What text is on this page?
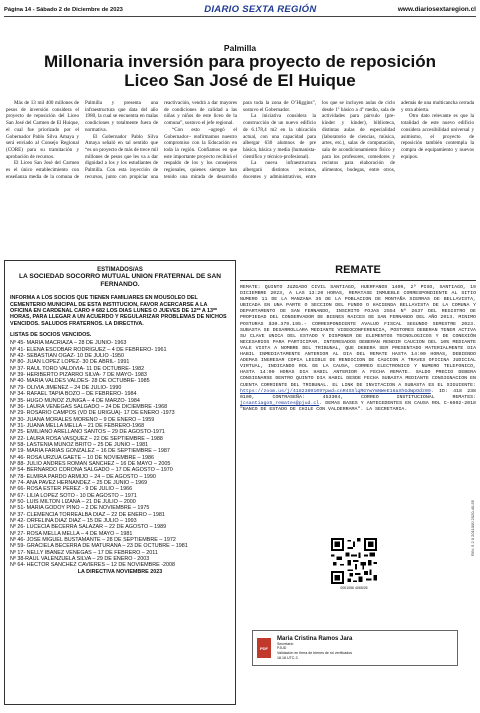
Página 14 - Sábado 2 de Diciembre de 2023	DIARIO SEXTA REGIÓN	www.diariosextaregion.cl
Palmilla
Millonaria inversión para proyecto de reposición
Liceo San José de El Huique

Más de 13 mil 400 millones de pesos de inversión considera el proyecto de reposición del Liceo San José del Carmen de El Huique, el cual fue priorizado por el Gobernador Pablo Silva Amaya y será enviado al Consejo Regional (CORE) para su tramitación y aprobación de recursos.

El Liceo San José del Carmen es el único establecimiento con enseñanza media de la comuna de Palmilla y presenta una infraestructura que data del año 1980, la cual se encuentra en malas condiciones y totalmente fuera de normativa.

El Gobernador Pablo Silva Amaya señaló en tal sentido que “es un proyecto de más de trece mil millones de pesos que les va a dar dignidad a los y los estudiantes de Palmilla. Con esta inyección de recursos, junto con propiciar una reactivación, vendrá a dar mayores de condiciones de calidad a las niñas y niños de este liceo de la comuna”, sostuvo el jefe regional.

“Con esto –agregó el Gobernador– reafirmamos nuestro compromiso con la Educación en toda la región. Confiamos en que este importante proyecto recibirá el respaldo de los y los consejeros regionales, quienes siempre han tenido una mirada de desarrollo para toda la zona de O’Higgins”, sostuvo el Gobernador.

La iniciativa considera la construcción de un nuevo edificio de 6.178,4 m2 en la ubicación actual, con una capacidad para albergar 630 alumnos de pre básica, básica y media (humanista-científico y técnico-profesional).

La nueva infraestructura albergará distintos recintos, docentes y administrativos, entre los que se incluyen aulas de ciclo desde 1º básico a 4º medio, sala de actividades para párvulo (pre-kínder y kínder), biblioteca, distintas aulas de especialidad (laboratorio de ciencias, música, artes, etc.), salas de computación, sala de acondicionamiento físico y para los profesores, comedores y recintos para elaboración de alimentos, bodegas, entre otros, además de una multicancha cerrada y otra abierta.

Otro dato relevante es que la totalidad de este nuevo edificio considera accesibilidad universal y asimismo, el proyecto de reposición también contempla la compra de equipamiento y nuevos equipos.

ESTIMADOS/AS
LA SOCIEDAD SOCORRO MUTUAL UNION FRATERNAL DE SAN FERNANDO.
INFORMA A LOS SOCIOS QUE TIENEN FAMILIARES EN MOUSOLEO DEL CEMENTERIO MUNICIPAL DE ESTA INSTITUCION, FAVOR ACERCARSE A LA OFICINA EN CARDENAL CARO # 682 LOS DIAS LUNES O JUEVES DE 12ºº A 13ºº HORAS, PARA LLEGAR A UN ACUERDO Y REGULARIZAR PROBLEMAS DE NICHOS VENCIDOS. SALUDOS FRATERNOS. LA DIRECTIVA.
LISTAS DE SOCIOS VENCIDOS.
Nº 45- MARIA MACRIAZA – 28 DE JUNIO- 1963
Nº 41- ELENA ESCOBAR RODRIGUEZ – 4 DE FEBRERO- 1961
Nº 42- SEBASTIAN OGAZ- 10 DE JULIO -1950
Nº 80- JUAN LOPEZ LOPEZ- 30 DE ABRIL- 1991
Nº 37- RAUL TORO VALDIVIA- 11 DE OCTUBRE- 1982
Nº 39- HERIBERTO PIZARRO SILVA- 7 DE MAYO- 1983
Nº 40- MARIA VALDES VALDES- 28 DE OCTUBRE- 1985
Nº 79- OLIVIA JIMENEZ – 24 DE JULIO- 1990
Nº 34- RAFAEL TAPIA BOZO – DE FEBRERO- 1984
Nº 35- HUGO MUÑOZ ZUÑIGA – 4 DE MARZO- 1984
Nº 36- LAURA VENEGAS SALGADO – 24 DE DICIEMBRE -1968
Nº 29- ROSARIO CAMPOS (VD DE URIGUA)- 17 DE ENERO -1973
Nº 30- JUANA MORALES MORENO – 9 DE ENERO – 1959
Nº 31- JUANA MELLA MELLA – 21 DE FEBRERO-1968
Nº 25- EMILIANO ARELLANO SANTOS – 29 DE AGOSTO-1971
Nº 22- LAURA ROSA VASQUEZ – 22 DE SEPTIEMBRE – 1988
Nº 58- LASTENIA MUÑOZ BRITO – 25 DE JUNIO – 1981
Nº 19- MARIA FARIAS GONZALEZ – 16 DE SEPTIEMBRE – 1987
Nº 46- ROSA URZUA GAETE – 10 DE NOVIEMBRE – 1986
Nº 88- JULIO ANDRES ROMAN SANCHEZ – 16 DE MAYO – 2005
Nº 54- BERNARDO CORONA SALGADO – 17 DE AGOSTO – 1970
Nº 78- ELMIRA PARDO ARMIJO – 24 – DE AGOSTO – 1990
Nº 74- ANA PAVEZ HERNANDEZ – 25 DE JUNIO – 1969
Nº 66- ROSA ESTER PEREZ - 9 DE JULIO – 1966
Nº 67- LILIA LOPEZ SOTO - 10 DE AGOSTO – 1971
Nº 50- LUIS MILTON LIZANA – 21 DE JULIO – 2000
Nº 51- MARIA GODOY PINO – 2 DE NOVIEMBRE – 1975
Nº 37- CLEMENCIA TORREALBA DIAZ – 22 DE ENERO – 1981
Nº 42- ORFELINA DIAZ DIAZ – 15 DE JULIO – 1993
Nº 26- LUCECIA BECERRA SALAZAR – 22 DE AGOSTO – 1989
Nº 27- ROSA MELLA MELLA – 4 DE MAYO – 1981
Nº 46- JOSE MIGUEL BUSTAMANTE – 28 DE SEPTIEMBRE – 1972
Nº 59- GRACIELA BECERRA DE MATURANA – 23 DE OCTUBRE – 1981
Nº 17- NELLY IBAÑEZ VENEGAS – 17 DE FEBRERO – 2011
Nº 38-RAUL VALENZUELA SILVA – 29 DE ENERO - 2003
Nº 64- HECTOR SANCHEZ CAVIERES – 12 DE NOVIEMBRE -2008
LA DIRECTIVA NOVIEMBRE 2023
REMATE
REMATE: QUINTO JUZGADO CIVIL SANTIAGO, HUERFANOS 1409, 2º PISO, SANTIAGO, 19 DICIEMBRE 2023, A LAS 13:20 HORAS, REMATASE INMUEBLE CORRESPONDIENTE AL SITIO NUMERO 11 DE LA MANZANA 35 DE LA POBLACION DE MONTAÑA SIERRAS DE BELLAVISTA, UBICADA EN UNA PARTE O SECCION DEL FUNDO O HACIENDA BELLAVISTA DE LA COMUNA Y DEPARTAMENTO DE SAN FERNANDO, INSCRITO FOJAS 2554 Nº 2637 DEL REGISTRO DE PROPIEDAD DEL CONSERVADOR DE BIENES RAICES DE SAN FERNANDO DEL AÑO 2013. MINIMO POSTURAS $30.379.195.- CORRESPONDIENTE AVALUO FISCAL SEGUNDO SEMESTRE 2023. SUBASTA SE DESARROLLARA MEDIANTE VIDEOCONFERENCIA, POSTORES DEBERAN TENER ACTIVA SU CLAVE UNICA DEL ESTADO Y DISPONER DE ELEMENTOS TECNOLOGICOS Y DE CONEXIÓN NECESARIOS PARA PARTICIPAR. INTERESADOS DEBERAN RENDIR CAUCION DEL 10% MEDIANTE VALE VISTA A NOMBRE DEL TRIBUNAL, QUE DEBERA SER PRESENTADO MATERIALMENTE DIA HABIL INMEDIATAMENTE ANTERIOR AL DIA DEL REMATE HASTA 14:00 HORAS, DEBIENDO ADEMAS INGRESAR COPIA LEGIBLE DE RENDICION DE CAUCION A TRAVES OFICINA JUDICIAL VIRTUAL, INDICANDO ROL DE LA CAUSA, CORREO ELECTRONICO Y NUMERO TELEFONICO, HASTA 14:00 HORAS DIA HABIL ANTERIOR A FECHA REMATE. SALDO PRECIO DEBERA CONSIGNARSE DENTRO QUINTO DIA HABIL DESDE FECHA SUBASTA MEDIANTE CONSIGNACION EN CUENTA CORRIENTE DEL TRIBUNAL. EL LINK DE INVITACION A SUBASTA ES EL SIGUIENTE: https://zoom.us/j/4182380109?pwd=cnR4SXlqRGYwYmNWeE16aXhGdWpOdz09. ID: 418 238 0109, CONTRASEÑA: 453304, CORREO INSTITUCIONAL REMATES: jcsantiago5_remates@pjud.cl. DEMAS BASES Y ANTECEDENTES EN CAUSA ROL C-6602-2018 "BANCO DE ESTADO DE CHILE CON VALDERRAMA". LA SECRETARIA.
0001056 4065/26
PDF
Maria Cristina Ramos Jara
Secretario
PJUD
Validación en firma de bienes de rol verificados
18.18 UTC-3
RIN: 5 2 0 2011000 2020-40-55
